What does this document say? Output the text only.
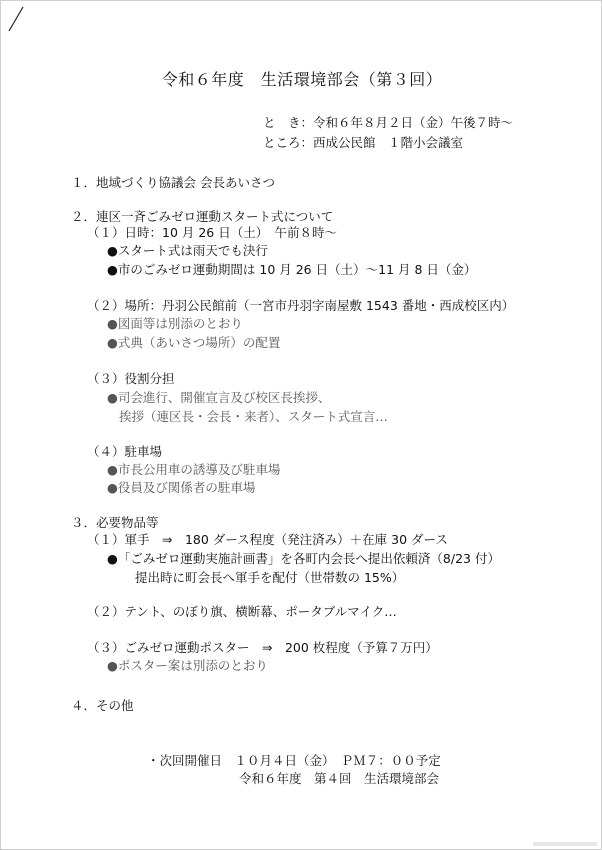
令和６年度　生活環境部会（第３回）
と　き：令和６年８月２日（金）午後７時～
ところ：西成公民館　１階小会議室
１．地域づくり協議会 会長あいさつ
２．連区一斉ごみゼロ運動スタート式について
（１）日時：10 月 26 日（土）　午前８時～
●スタート式は雨天でも決行
●市のごみゼロ運動期間は 10 月 26 日（土）～11 月 8 日（金）
（２）場所：丹羽公民館前（一宮市丹羽字南屋敷 1543 番地・西成校区内）
●図面等は別添のとおり
●式典（あいさつ場所）の配置
（３）役割分担
●司会進行、開催宣言及び校区長挨拶、
挨拶（連区長・会長・来者）、スタート式宣言…
（４）駐車場
●市長公用車の誘導及び駐車場
●役員及び関係者の駐車場
３．必要物品等
（１）軍手　⇒　180 ダース程度（発注済み）＋在庫 30 ダース
●「ごみゼロ運動実施計画書」を各町内会長へ提出依頼済（8/23 付）
提出時に町会長へ軍手を配付（世帯数の 15%）
（２）テント、のぼり旗、横断幕、ポータブルマイク…
（３）ごみゼロ運動ポスター　⇒　200 枚程度（予算７万円）
●ポスター案は別添のとおり
４．その他
・次回開催日　１０月４日（金）　ＰＭ７：００予定
令和６年度　第４回　生活環境部会
